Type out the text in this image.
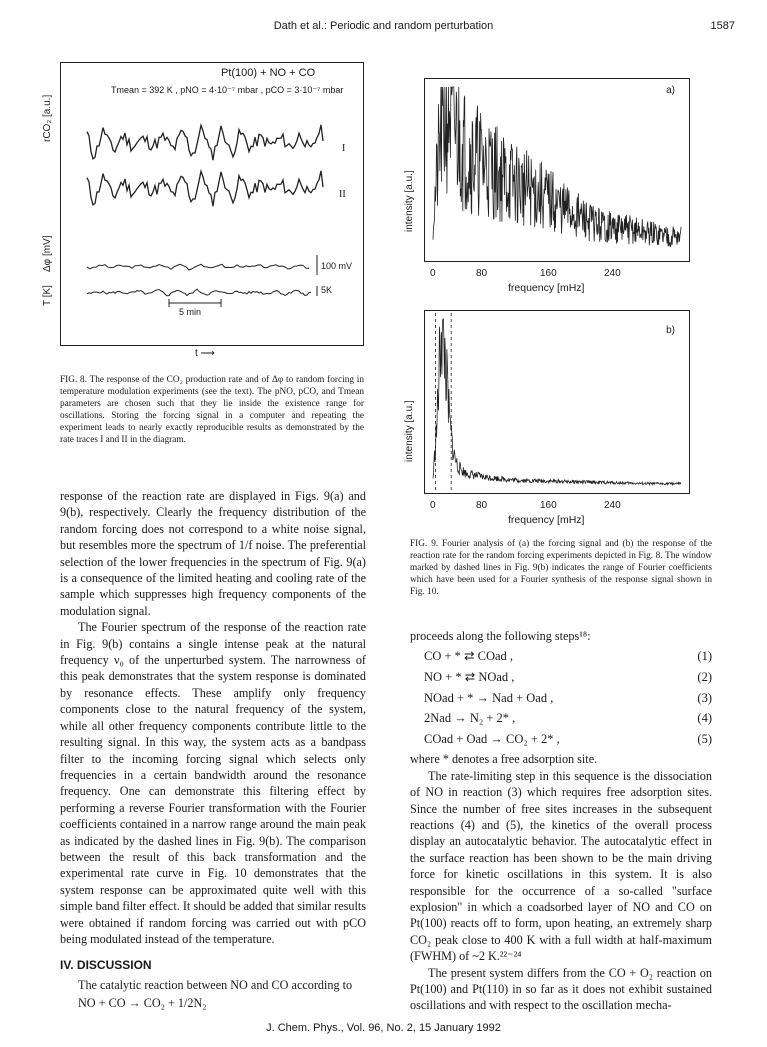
Dath et al.: Periodic and random perturbation	1587
Pt(100) + NO + CO
Tmean = 392 K , pNO = 4·10⁻⁷ mbar , pCO = 3·10⁻⁷ mbar
I
II
100 mV
5K
5 min
rCO₂ [a.u.]
Δφ [mV]
T [K]
t ⟶
FIG. 8. The response of the CO₂ production rate and of Δφ to random forcing in temperature modulation experiments (see the text). The pNO, pCO, and Tmean parameters are chosen such that they lie inside the existence range for oscillations. Storing the forcing signal in a computer and repeating the experiment leads to nearly exactly reproducible results as demonstrated by the rate traces I and II in the diagram.
a)
intensity [a.u.]
0	80	160	240
frequency [mHz]
b)
intensity [a.u.]
0	80	160	240
frequency [mHz]
FIG. 9. Fourier analysis of (a) the forcing signal and (b) the response of the reaction rate for the random forcing experiments depicted in Fig. 8. The window marked by dashed lines in Fig. 9(b) indicates the range of Fourier coefficients which have been used for a Fourier synthesis of the response signal shown in Fig. 10.

response of the reaction rate are displayed in Figs. 9(a) and 9(b), respectively. Clearly the frequency distribution of the random forcing does not correspond to a white noise signal, but resembles more the spectrum of 1/f noise. The preferential selection of the lower frequencies in the spectrum of Fig. 9(a) is a consequence of the limited heating and cooling rate of the sample which suppresses high frequency components of the modulation signal.

The Fourier spectrum of the response of the reaction rate in Fig. 9(b) contains a single intense peak at the natural frequency ν₀ of the unperturbed system. The narrowness of this peak demonstrates that the system response is dominated by resonance effects. These amplify only frequency components close to the natural frequency of the system, while all other frequency components contribute little to the resulting signal. In this way, the system acts as a bandpass filter to the incoming forcing signal which selects only frequencies in a certain bandwidth around the resonance frequency. One can demonstrate this filtering effect by performing a reverse Fourier transformation with the Fourier coefficients contained in a narrow range around the main peak as indicated by the dashed lines in Fig. 9(b). The comparison between the result of this back transformation and the experimental rate curve in Fig. 10 demonstrates that the system response can be approximated quite well with this simple band filter effect. It should be added that similar results were obtained if random forcing was carried out with pCO being modulated instead of the temperature.

IV. DISCUSSION

The catalytic reaction between NO and CO according to

NO + CO → CO₂ + 1/2N₂

proceeds along the following steps¹⁸:

CO + * ⇄ COad ,	(1)
NO + * ⇄ NOad ,	(2)
NOad + * → Nad + Oad ,	(3)
2Nad → N₂ + 2* ,	(4)
COad + Oad → CO₂ + 2* ,	(5)

where * denotes a free adsorption site.

The rate-limiting step in this sequence is the dissociation of NO in reaction (3) which requires free adsorption sites. Since the number of free sites increases in the subsequent reactions (4) and (5), the kinetics of the overall process display an autocatalytic behavior. The autocatalytic effect in the surface reaction has been shown to be the main driving force for kinetic oscillations in this system. It is also responsible for the occurrence of a so-called "surface explosion" in which a coadsorbed layer of NO and CO on Pt(100) reacts off to form, upon heating, an extremely sharp CO₂ peak close to 400 K with a full width at half-maximum (FWHM) of ~2 K.²²⁻²⁴

The present system differs from the CO + O₂ reaction on Pt(100) and Pt(110) in so far as it does not exhibit sustained oscillations and with respect to the oscillation mecha-

J. Chem. Phys., Vol. 96, No. 2, 15 January 1992
